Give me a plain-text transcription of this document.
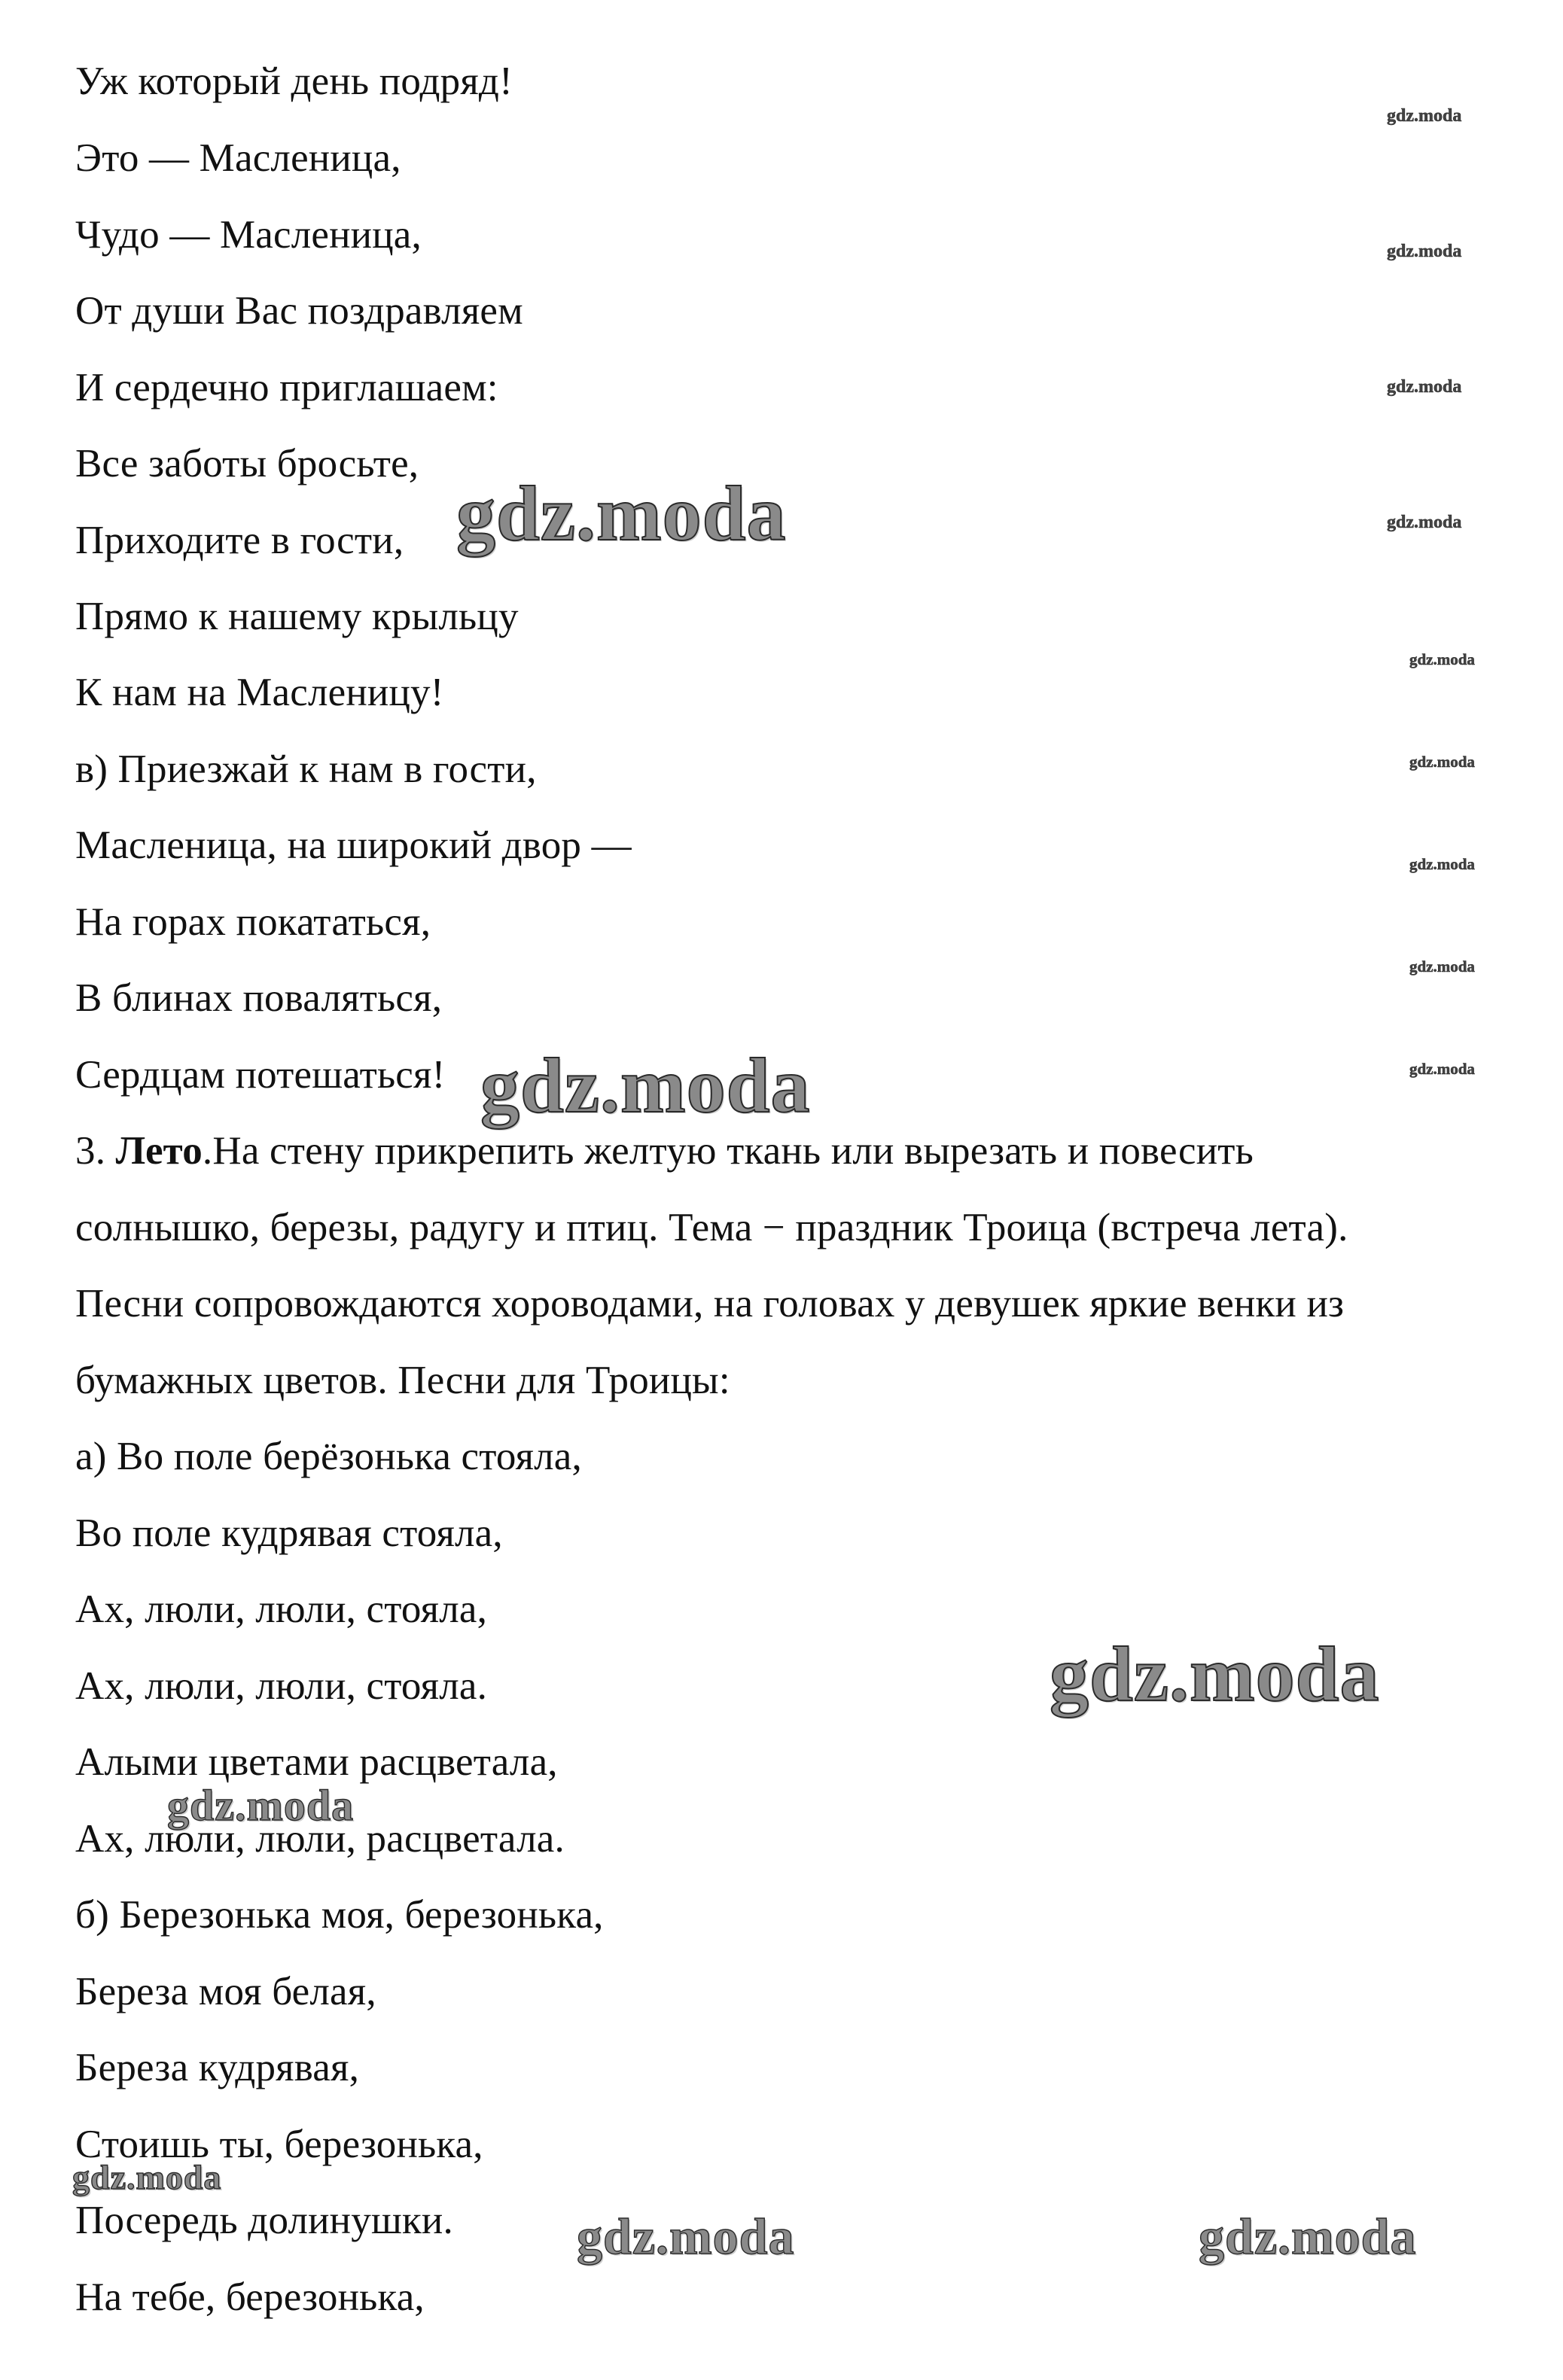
Уж который день подряд!
Это — Масленица,
Чудо — Масленица,
От души Вас поздравляем
И сердечно приглашаем:
Все заботы бросьте,
Приходите в гости,
Прямо к нашему крыльцу
К нам на Масленицу!
в) Приезжай к нам в гости,
Масленица, на широкий двор —
На горах покататься,
В блинах поваляться,
Сердцам потешаться!
3. Лето.На стену прикрепить желтую ткань или вырезать и повесить
солнышко, березы, радугу и птиц. Тема − праздник Троица (встреча лета).
Песни сопровождаются хороводами, на головах у девушек яркие венки из
бумажных цветов. Песни для Троицы:
а) Во поле берёзонька стояла,
Во поле кудрявая стояла,
Ах, люли, люли, стояла,
Ах, люли, люли, стояла.
Алыми цветами расцветала,
Ах, люли, люли, расцветала.
б) Березонька моя, березонька,
Береза моя белая,
Береза кудрявая,
Стоишь ты, березонька,
Посередь долинушки.
На тебе, березонька,
gdz.moda
gdz.moda
gdz.moda
gdz.moda
gdz.moda
gdz.moda
gdz.moda
gdz.moda
gdz.moda
gdz.moda
gdz.moda
gdz.moda
gdz.moda
gdz.moda
gdz.moda	gdz.moda
